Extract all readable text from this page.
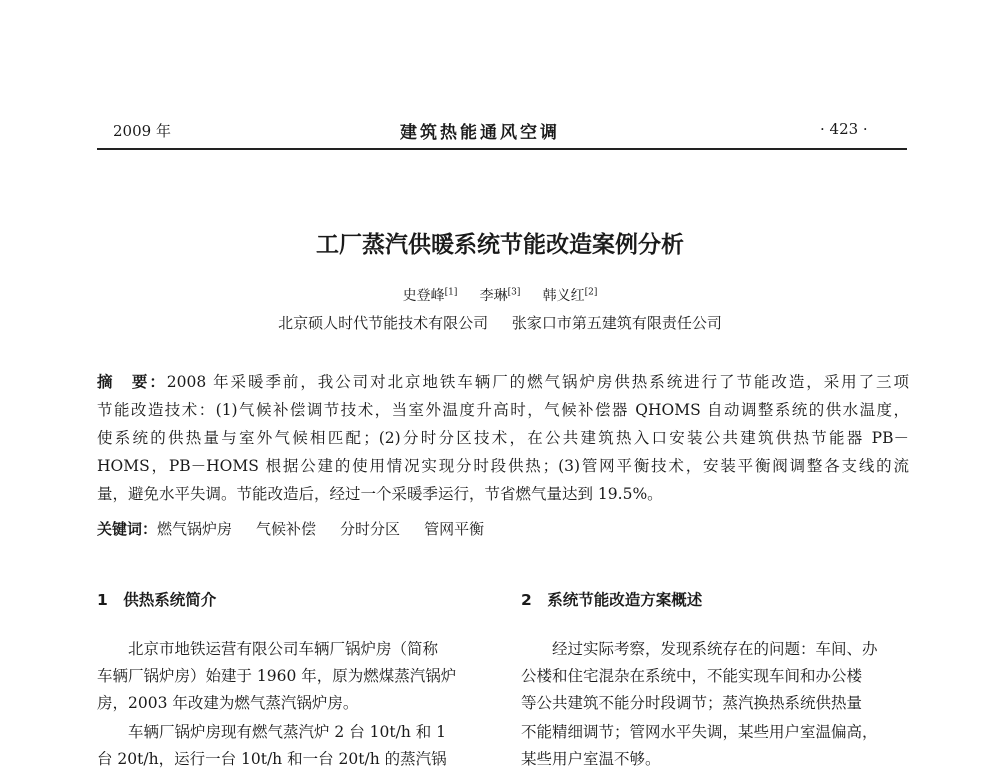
2009 年	建筑热能通风空调	· 423 ·
工厂蒸汽供暖系统节能改造案例分析
史登峰[1] 李琳[3] 韩义红[2]
北京硕人时代节能技术有限公司 张家口市第五建筑有限责任公司
摘　要：2008 年采暖季前，我公司对北京地铁车辆厂的燃气锅炉房供热系统进行了节能改造，采用了三项
节能改造技术：(1)气候补偿调节技术，当室外温度升高时，气候补偿器 QHOMS 自动调整系统的供水温度，
使系统的供热量与室外气候相匹配；(2)分时分区技术，在公共建筑热入口安装公共建筑供热节能器 PB－
HOMS，PB－HOMS 根据公建的使用情况实现分时段供热；(3)管网平衡技术，安装平衡阀调整各支线的流
量，避免水平失调。节能改造后，经过一个采暖季运行，节省燃气量达到 19.5%。
关键词：燃气锅炉房 气候补偿 分时分区 管网平衡
1　供热系统简介
　　北京市地铁运营有限公司车辆厂锅炉房（简称
车辆厂锅炉房）始建于 1960 年，原为燃煤蒸汽锅炉
房，2003 年改建为燃气蒸汽锅炉房。
　　车辆厂锅炉房现有燃气蒸汽炉 2 台 10t/h 和 1
台 20t/h，运行一台 10t/h 和一台 20t/h 的蒸汽锅
2　系统节能改造方案概述
　　经过实际考察，发现系统存在的问题：车间、办
公楼和住宅混杂在系统中，不能实现车间和办公楼
等公共建筑不能分时段调节；蒸汽换热系统供热量
不能精细调节；管网水平失调，某些用户室温偏高，
某些用户室温不够。
